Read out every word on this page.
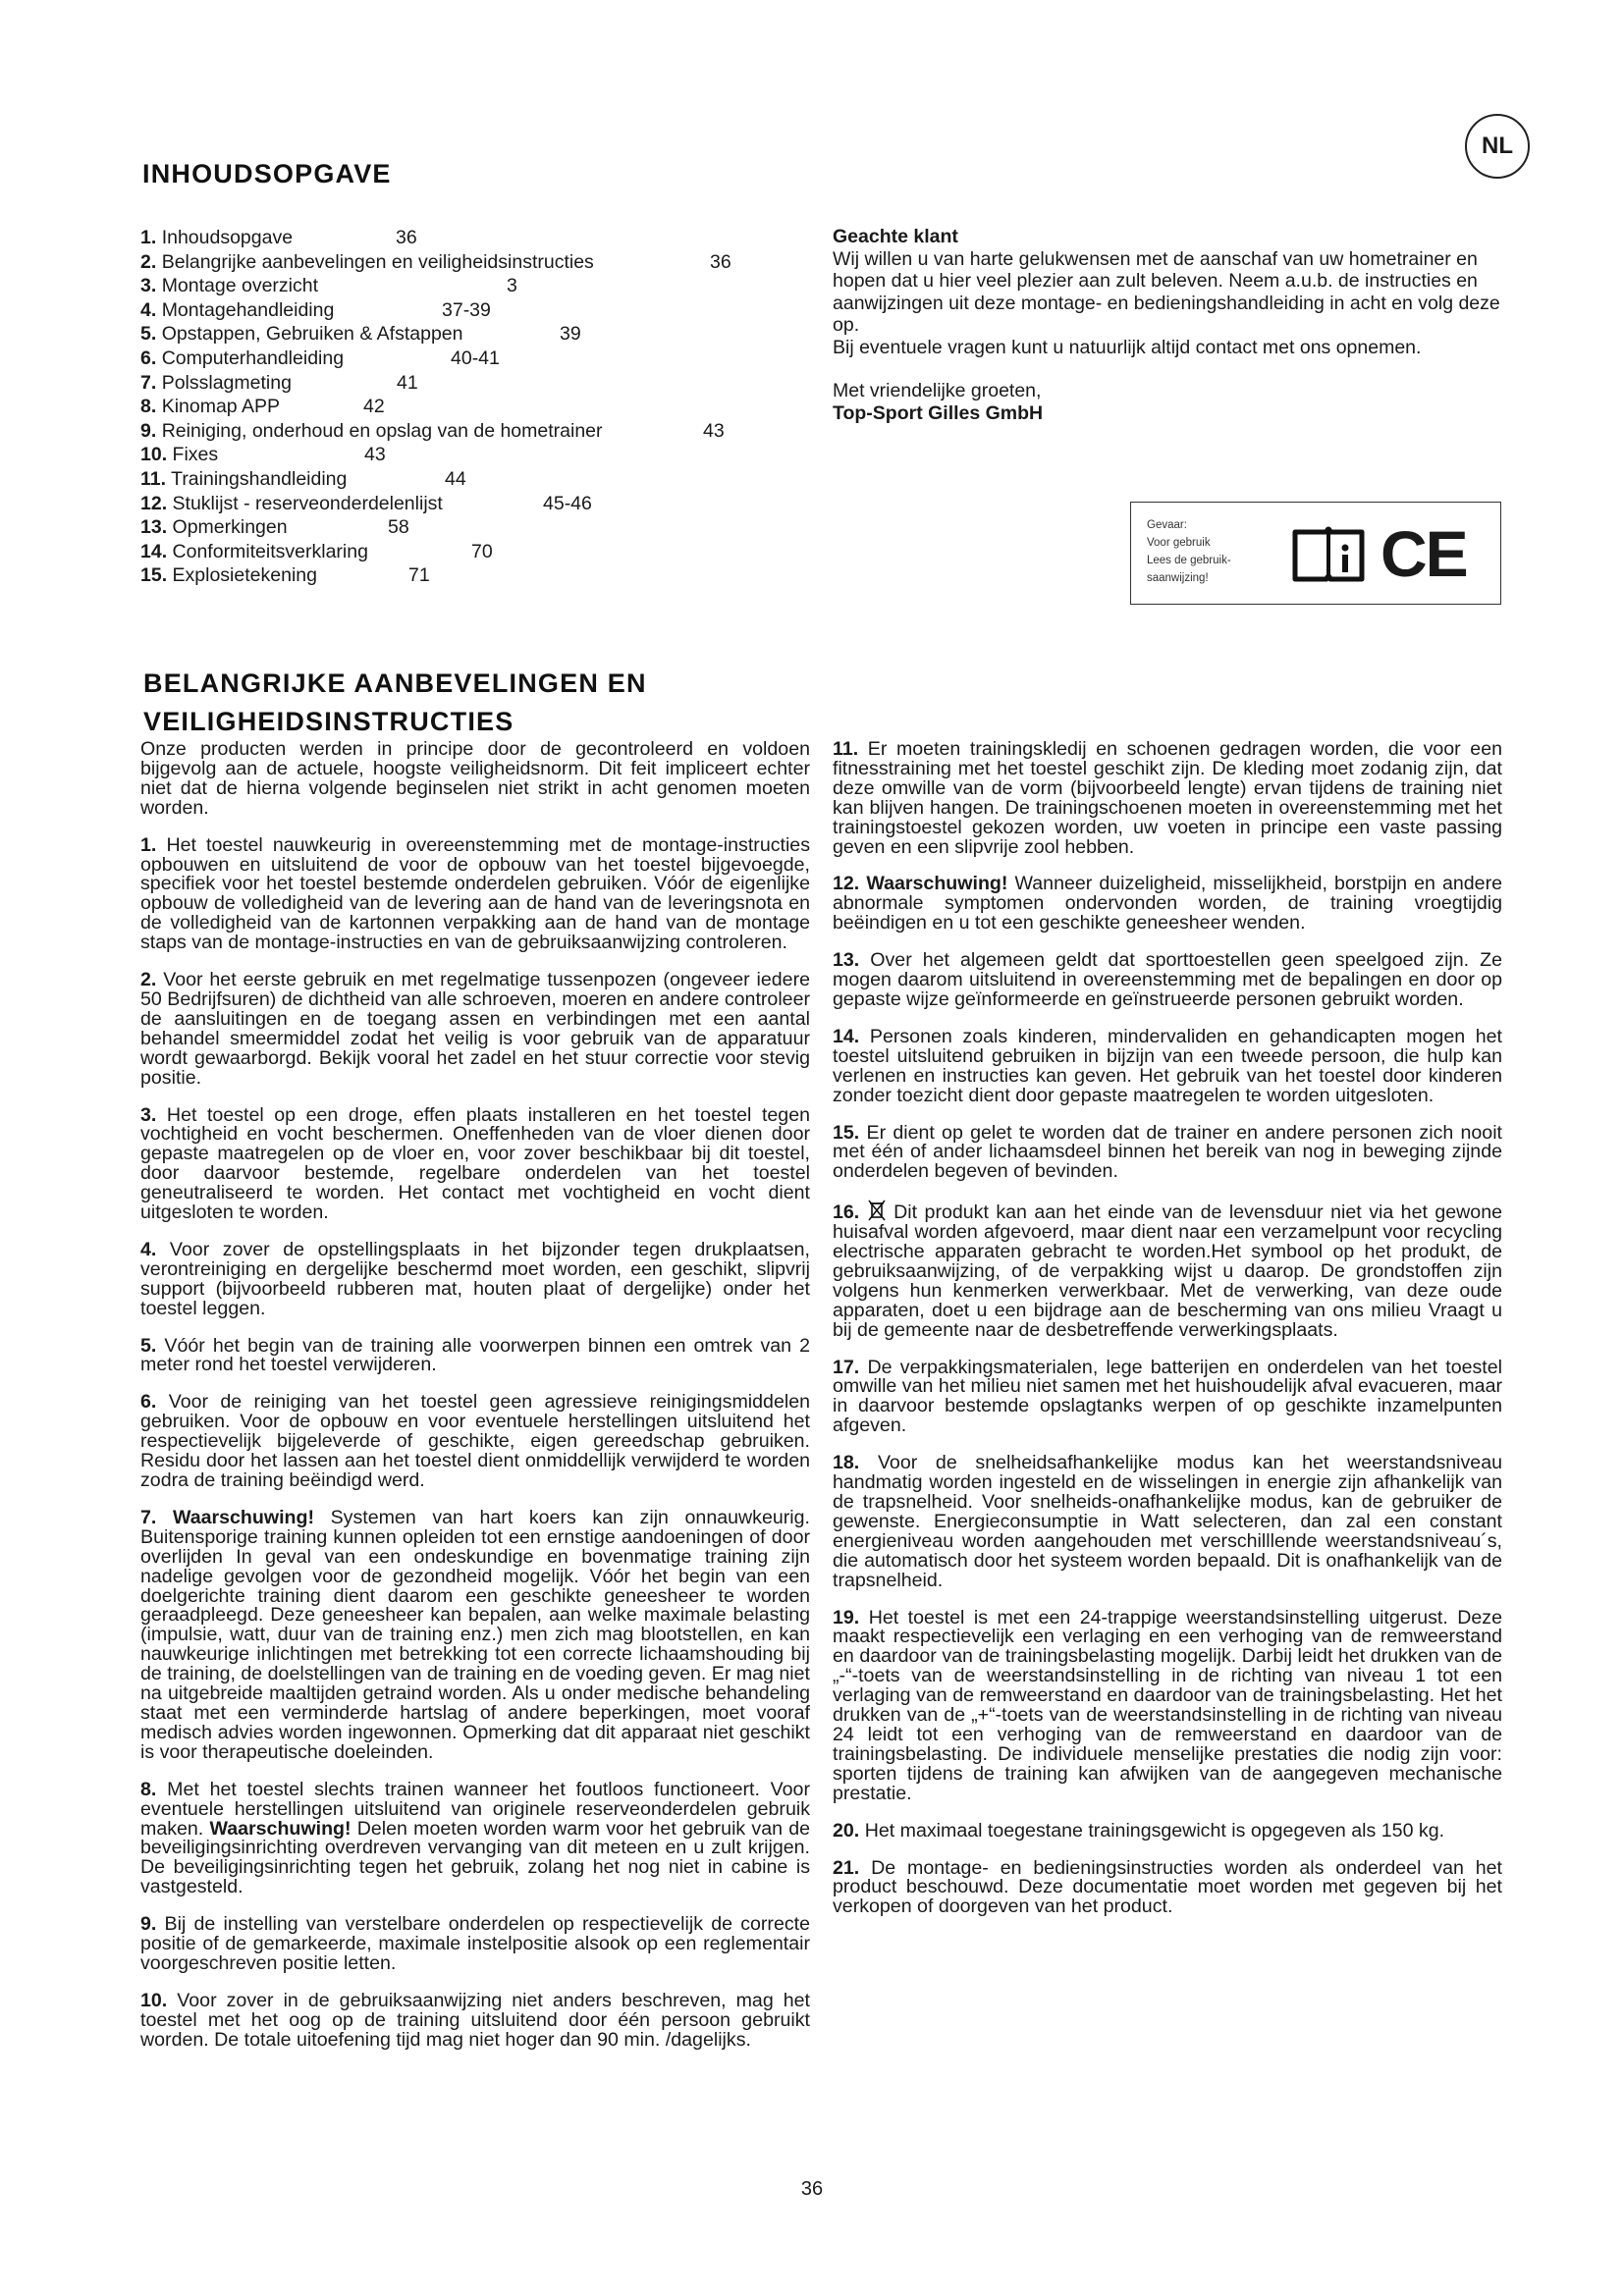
NL
INHOUDSOPGAVE
1. Inhoudsopgave	36
2. Belangrijke aanbevelingen en veiligheidsinstructies	36
3. Montage overzicht	3
4. Montagehandleiding	37-39
5. Opstappen, Gebruiken & Afstappen	39
6. Computerhandleiding	40-41
7. Polsslagmeting	41
8. Kinomap APP	42
9. Reiniging, onderhoud en opslag van de hometrainer	43
10. Fixes	43
11. Trainingshandleiding	44
12. Stuklijst - reserveonderdelenlijst	45-46
13. Opmerkingen	58
14. Conformiteitsverklaring	70
15. Explosietekening	71

Geachte klant

Wij willen u van harte gelukwensen met de aanschaf van uw hometrainer en hopen dat u hier veel plezier aan zult beleven. Neem a.u.b. de instructies en aanwijzingen uit deze montage- en bedieningshandleiding in acht en volg deze op.

Bij eventuele vragen kunt u natuurlijk altijd contact met ons opnemen.

Met vriendelijke groeten,

Top-Sport Gilles GmbH

Gevaar:
Voor gebruik
Lees de gebruik-
saanwijzing!	CE
BELANGRIJKE AANBEVELINGEN EN
VEILIGHEIDSINSTRUCTIES

Onze producten werden in principe door de gecontroleerd en voldoen bijgevolg aan de actuele, hoogste veiligheidsnorm. Dit feit impliceert echter niet dat de hierna volgende beginselen niet strikt in acht genomen moeten worden.

1. Het toestel nauwkeurig in overeenstemming met de montage-instructies opbouwen en uitsluitend de voor de opbouw van het toestel bijgevoegde, specifiek voor het toestel bestemde onderdelen gebruiken. Vóór de eigenlijke opbouw de volledigheid van de levering aan de hand van de leveringsnota en de volledigheid van de kartonnen verpakking aan de hand van de montage staps van de montage-instructies en van de gebruiksaanwijzing controleren.

2. Voor het eerste gebruik en met regelmatige tussenpozen (ongeveer iedere 50 Bedrijfsuren) de dichtheid van alle schroeven, moeren en andere controleer de aansluitingen en de toegang assen en verbindingen met een aantal behandel smeermiddel zodat het veilig is voor gebruik van de apparatuur wordt gewaarborgd. Bekijk vooral het zadel en het stuur correctie voor stevig positie.

3. Het toestel op een droge, effen plaats installeren en het toestel tegen vochtigheid en vocht beschermen. Oneffenheden van de vloer dienen door gepaste maatregelen op de vloer en, voor zover beschikbaar bij dit toestel, door daarvoor bestemde, regelbare onderdelen van het toestel geneutraliseerd te worden. Het contact met vochtigheid en vocht dient uitgesloten te worden.

4. Voor zover de opstellingsplaats in het bijzonder tegen drukplaatsen, verontreiniging en dergelijke beschermd moet worden, een geschikt, slipvrij support (bijvoorbeeld rubberen mat, houten plaat of dergelijke) onder het toestel leggen.

5. Vóór het begin van de training alle voorwerpen binnen een omtrek van 2 meter rond het toestel verwijderen.

6. Voor de reiniging van het toestel geen agressieve reinigingsmiddelen gebruiken. Voor de opbouw en voor eventuele herstellingen uitsluitend het respectievelijk bijgeleverde of geschikte, eigen gereedschap gebruiken. Residu door het lassen aan het toestel dient onmiddellijk verwijderd te worden zodra de training beëindigd werd.

7. Waarschuwing! Systemen van hart koers kan zijn onnauwkeurig. Buitensporige training kunnen opleiden tot een ernstige aandoeningen of door overlijden In geval van een ondeskundige en bovenmatige training zijn nadelige gevolgen voor de gezondheid mogelijk. Vóór het begin van een doelgerichte training dient daarom een geschikte geneesheer te worden geraadpleegd. Deze geneesheer kan bepalen, aan welke maximale belasting (impulsie, watt, duur van de training enz.) men zich mag blootstellen, en kan nauwkeurige inlichtingen met betrekking tot een correcte lichaamshouding bij de training, de doelstellingen van de training en de voeding geven. Er mag niet na uitgebreide maaltijden getraind worden. Als u onder medische behandeling staat met een verminderde hartslag of andere beperkingen, moet vooraf medisch advies worden ingewonnen. Opmerking dat dit apparaat niet geschikt is voor therapeutische doeleinden.

8. Met het toestel slechts trainen wanneer het foutloos functioneert. Voor eventuele herstellingen uitsluitend van originele reserveonderdelen gebruik maken. Waarschuwing! Delen moeten worden warm voor het gebruik van de beveiligingsinrichting overdreven vervanging van dit meteen en u zult krijgen. De beveiligingsinrichting tegen het gebruik, zolang het nog niet in cabine is vastgesteld.

9. Bij de instelling van verstelbare onderdelen op respectievelijk de correcte positie of de gemarkeerde, maximale instelpositie alsook op een reglementair voorgeschreven positie letten.

10. Voor zover in de gebruiksaanwijzing niet anders beschreven, mag het toestel met het oog op de training uitsluitend door één persoon gebruikt worden. De totale uitoefening tijd mag niet hoger dan 90 min. /dagelijks.

11. Er moeten trainingskledij en schoenen gedragen worden, die voor een fitnesstraining met het toestel geschikt zijn. De kleding moet zodanig zijn, dat deze omwille van de vorm (bijvoorbeeld lengte) ervan tijdens de training niet kan blijven hangen. De trainingschoenen moeten in overeenstemming met het trainingstoestel gekozen worden, uw voeten in principe een vaste passing geven en een slipvrije zool hebben.

12. Waarschuwing! Wanneer duizeligheid, misselijkheid, borstpijn en andere abnormale symptomen ondervonden worden, de training vroegtijdig beëindigen en u tot een geschikte geneesheer wenden.

13. Over het algemeen geldt dat sporttoestellen geen speelgoed zijn. Ze mogen daarom uitsluitend in overeenstemming met de bepalingen en door op gepaste wijze geïnformeerde en geïnstrueerde personen gebruikt worden.

14. Personen zoals kinderen, mindervaliden en gehandicapten mogen het toestel uitsluitend gebruiken in bijzijn van een tweede persoon, die hulp kan verlenen en instructies kan geven. Het gebruik van het toestel door kinderen zonder toezicht dient door gepaste maatregelen te worden uitgesloten.

15. Er dient op gelet te worden dat de trainer en andere personen zich nooit met één of ander lichaamsdeel binnen het bereik van nog in beweging zijnde onderdelen begeven of bevinden.

16. Dit produkt kan aan het einde van de levensduur niet via het gewone huisafval worden afgevoerd, maar dient naar een verzamelpunt voor recycling electrische apparaten gebracht te worden.Het symbool op het produkt, de gebruiksaanwijzing, of de verpakking wijst u daarop. De grondstoffen zijn volgens hun kenmerken verwerkbaar. Met de verwerking, van deze oude apparaten, doet u een bijdrage aan de bescherming van ons milieu Vraagt u bij de gemeente naar de desbetreffende verwerkingsplaats.

17. De verpakkingsmaterialen, lege batterijen en onderdelen van het toestel omwille van het milieu niet samen met het huishoudelijk afval evacueren, maar in daarvoor bestemde opslagtanks werpen of op geschikte inzamelpunten afgeven.

18. Voor de snelheidsafhankelijke modus kan het weerstandsniveau handmatig worden ingesteld en de wisselingen in energie zijn afhankelijk van de trapsnelheid. Voor snelheids-onafhankelijke modus, kan de gebruiker de gewenste. Energieconsumptie in Watt selecteren, dan zal een constant energieniveau worden aangehouden met verschilllende weerstandsniveau´s, die automatisch door het systeem worden bepaald. Dit is onafhankelijk van de trapsnelheid.

19. Het toestel is met een 24-trappige weerstandsinstelling uitgerust. Deze maakt respectievelijk een verlaging en een verhoging van de remweerstand en daardoor van de trainingsbelasting mogelijk. Darbij leidt het drukken van de „-“-toets van de weerstandsinstelling in de richting van niveau 1 tot een verlaging van de remweerstand en daardoor van de trainingsbelasting. Het het drukken van de „+“-toets van de weerstandsinstelling in de richting van niveau 24 leidt tot een verhoging van de remweerstand en daardoor van de trainingsbelasting. De individuele menselijke prestaties die nodig zijn voor: sporten tijdens de training kan afwijken van de aangegeven mechanische prestatie.

20. Het maximaal toegestane trainingsgewicht is opgegeven als 150 kg.

21. De montage- en bedieningsinstructies worden als onderdeel van het product beschouwd. Deze documentatie moet worden met gegeven bij het verkopen of doorgeven van het product.

36
